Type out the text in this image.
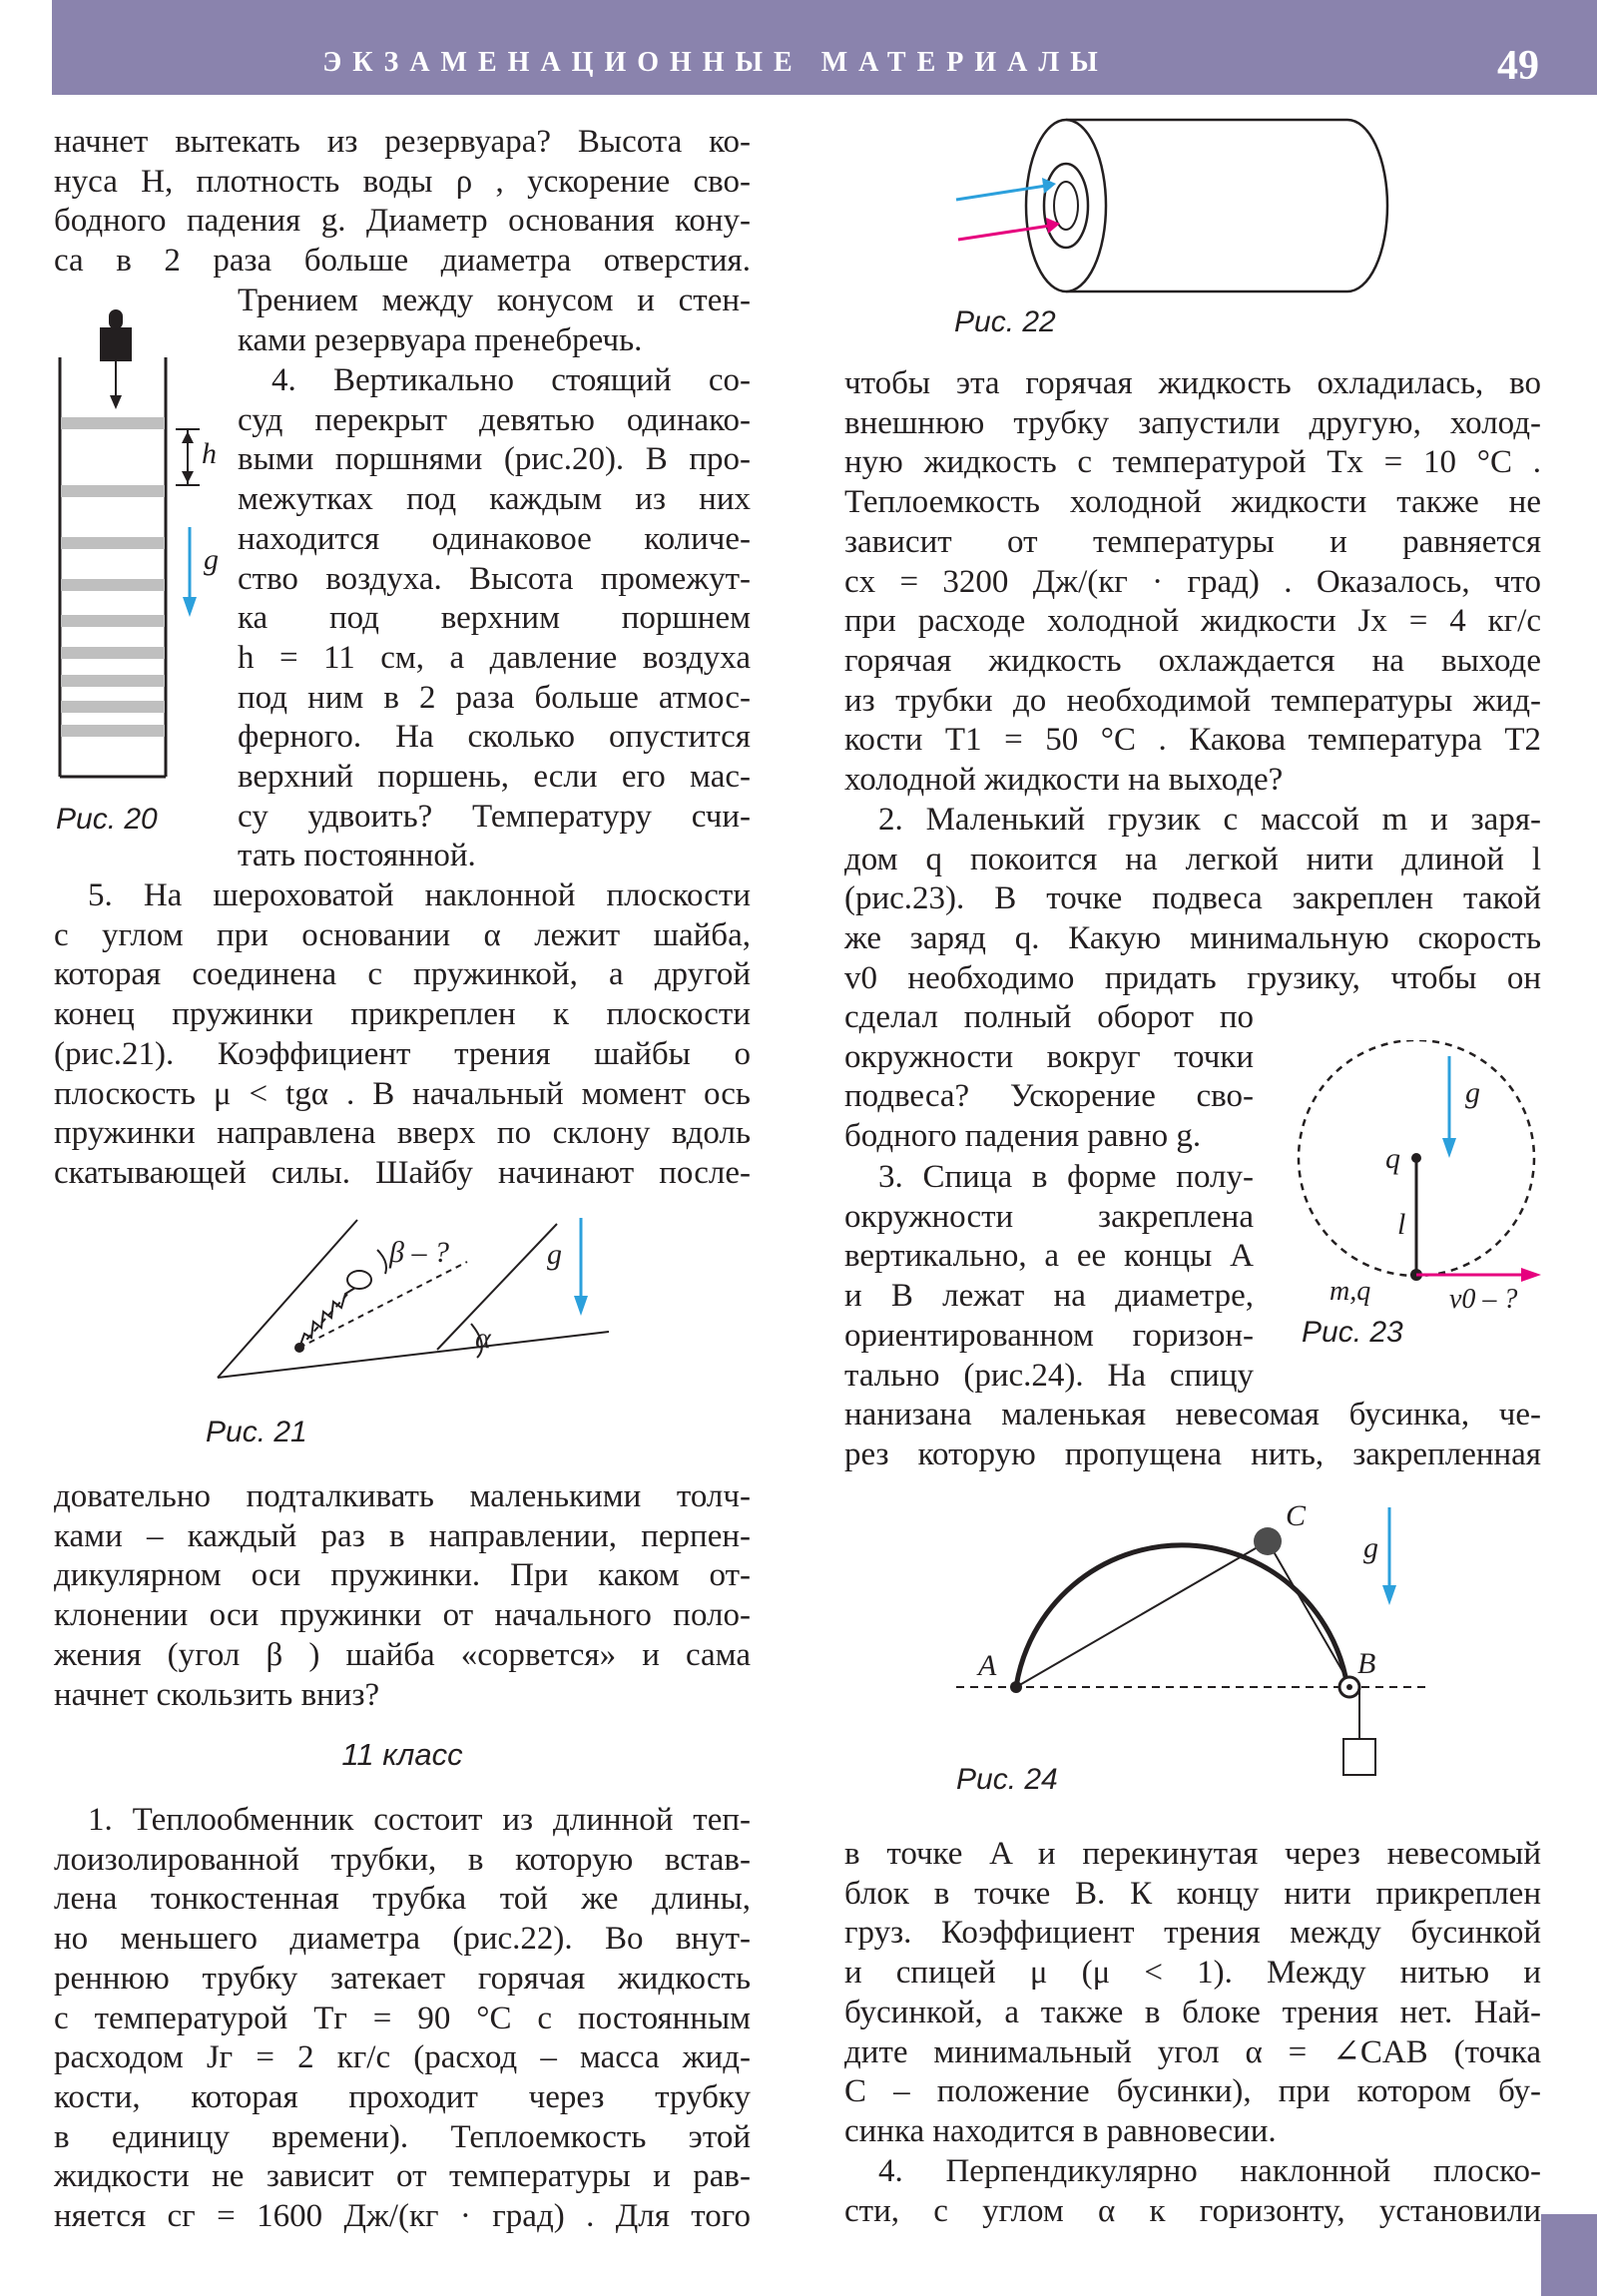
ЭКЗАМЕНАЦИОННЫЕ МАТЕРИАЛЫ	49
начнет вытекать из резервуара? Высота ко-
нуса H, плотность воды ρ , ускорение сво-
бодного падения g. Диаметр основания кону-
са в 2 раза больше диаметра отверстия.
Трением между конусом и стен-
ками резервуара пренебречь.
4. Вертикально стоящий со-
суд перекрыт девятью одинако-
выми поршнями (рис.20). В про-
межутках под каждым из них
находится одинаковое количе-
ство воздуха. Высота промежут-
ка под верхним поршнем
h = 11 см, а давление воздуха
под ним в 2 раза больше атмос-
ферного. На сколько опустится
верхний поршень, если его мас-
су удвоить? Температуру счи-
тать постоянной.
5. На шероховатой наклонной плоскости
с углом при основании α лежит шайба,
которая соединена с пружинкой, а другой
конец пружинки прикреплен к плоскости
(рис.21). Коэффициент трения шайбы о
плоскость μ < tgα . В начальный момент ось
пружинки направлена вверх по склону вдоль
скатывающей силы. Шайбу начинают после-
довательно подталкивать маленькими толч-
ками – каждый раз в направлении, перпен-
дикулярном оси пружинки. При каком от-
клонении оси пружинки от начального поло-
жения (угол β ) шайба «сорвется» и сама
начнет скользить вниз?
11 класс
1. Теплообменник состоит из длинной теп-
лоизолированной трубки, в которую встав-
лена тонкостенная трубка той же длины,
но меньшего диаметра (рис.22). Во внут-
реннюю трубку затекает горячая жидкость
с температурой Tг = 90 °C с постоянным
расходом Jг = 2 кг/с (расход – масса жид-
кости, которая проходит через трубку
в единицу времени). Теплоемкость этой
жидкости не зависит от температуры и рав-
няется cг = 1600 Дж/(кг · град) . Для того
чтобы эта горячая жидкость охладилась, во
внешнюю трубку запустили другую, холод-
ную жидкость с температурой Tх = 10 °C .
Теплоемкость холодной жидкости также не
зависит от температуры и равняется
cх = 3200 Дж/(кг · град) . Оказалось, что
при расходе холодной жидкости Jх = 4 кг/с
горячая жидкость охлаждается на выходе
из трубки до необходимой температуры жид-
кости T1 = 50 °C . Какова температура T2
холодной жидкости на выходе?
2. Маленький грузик с массой m и заря-
дом q покоится на легкой нити длиной l
(рис.23). В точке подвеса закреплен такой
же заряд q. Какую минимальную скорость
v0 необходимо придать грузику, чтобы он
сделал полный оборот по
окружности вокруг точки
подвеса? Ускорение сво-
бодного падения равно g.
3. Спица в форме полу-
окружности закреплена
вертикально, а ее концы A
и B лежат на диаметре,
ориентированном горизон-
тально (рис.24). На спицу
нанизана маленькая невесомая бусинка, че-
рез которую пропущена нить, закрепленная
в точке A и перекинутая через невесомый
блок в точке B. К концу нити прикреплен
груз. Коэффициент трения между бусинкой
и спицей μ (μ < 1). Между нитью и
бусинкой, а также в блоке трения нет. Най-
дите минимальный угол α = ∠CAB (точка
C – положение бусинки), при котором бу-
синка находится в равновесии.
4. Перпендикулярно наклонной плоско-
сти, с углом α к горизонту, установили
h
g
Рис. 20
α
β – ?	g
Рис. 21
Рис. 22
g
q
l
m,q	v0 – ?
Рис. 23
g
C
A	B
Рис. 24
